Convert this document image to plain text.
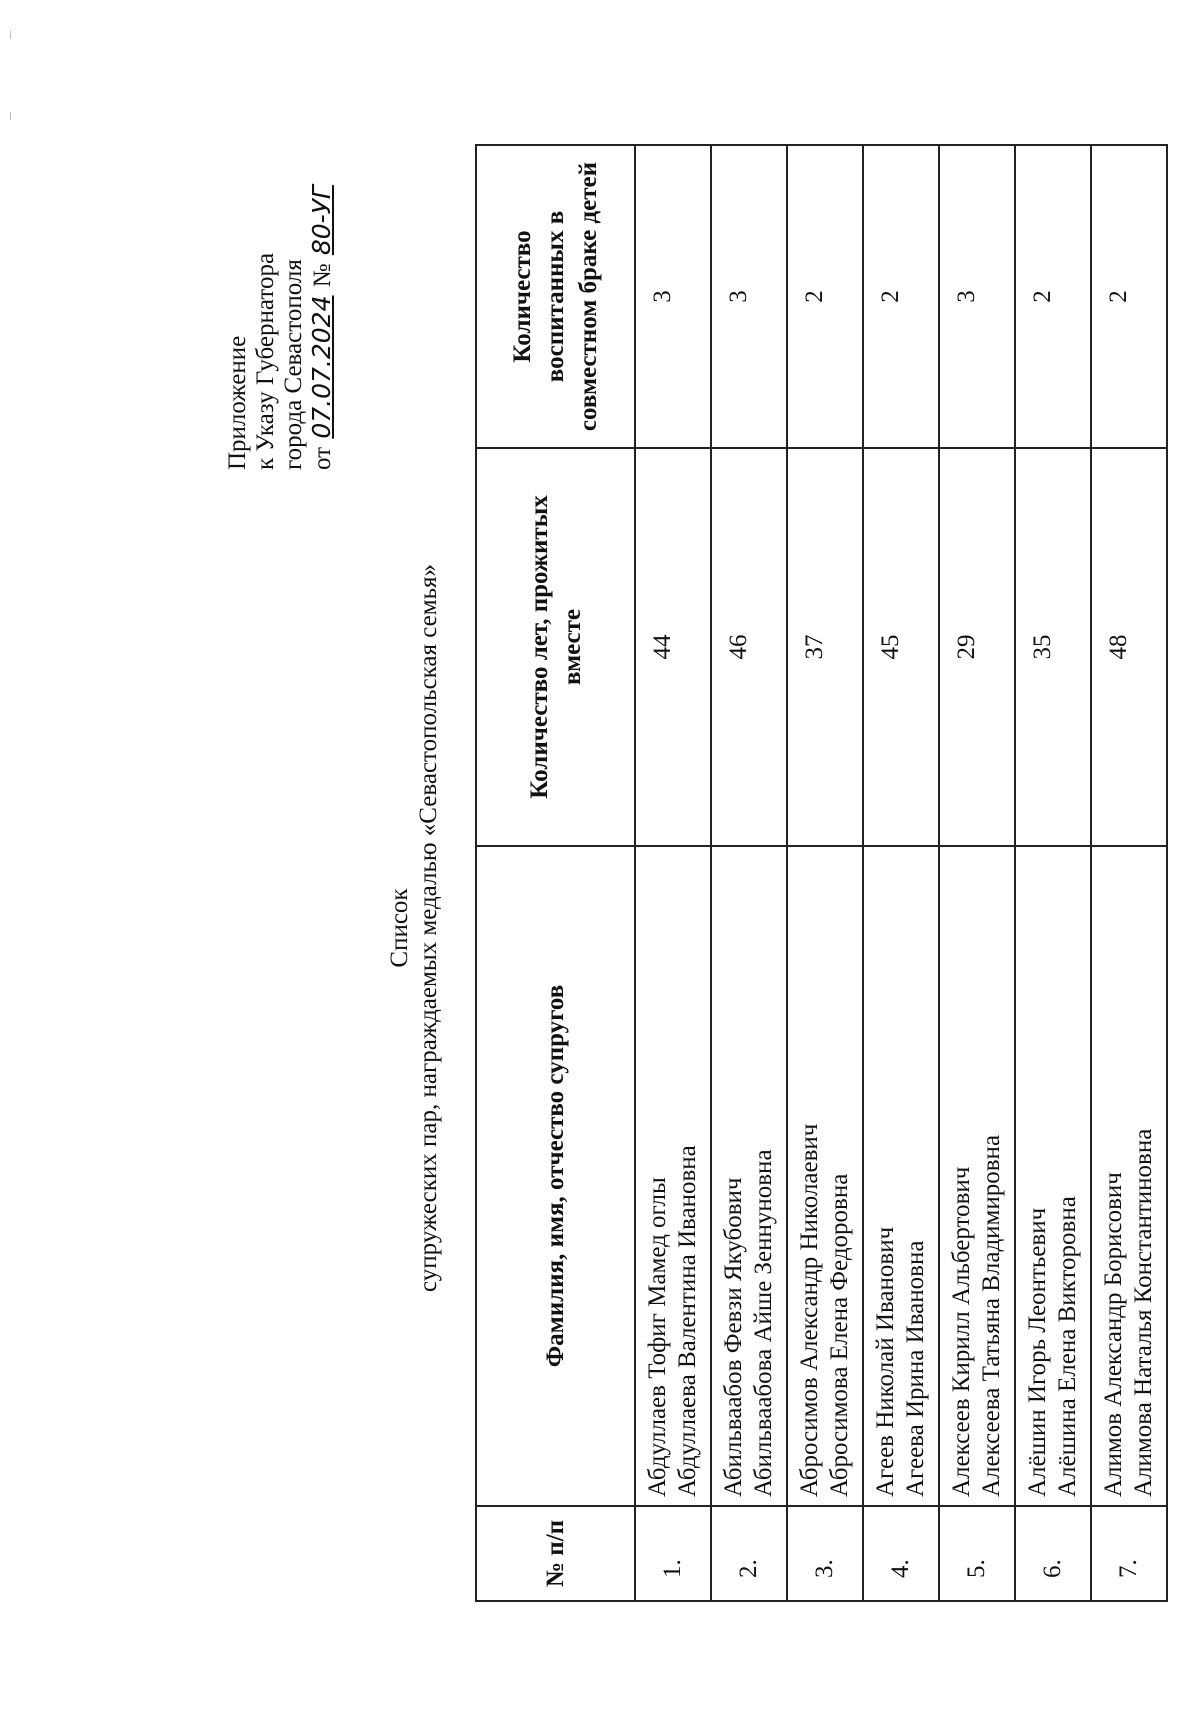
Приложение к Указу Губернатора города Севастополя от 07.07.2024 № 80-УГ
Список супружеских пар, награждаемых медалью «Севастопольская семья»
№ п/п	Фамилия, имя, отчество супругов	Количество лет, прожитых вместе	Количество воспитанных в совместном браке детей
1.	Абдуллаев Тофиг Мамед оглы Абдуллаева Валентина Ивановна	44	3
2.	Абильваабов Февзи Якубович Абильваабова Айше Зеннуновна	46	3
3.	Абросимов Александр Николаевич Абросимова Елена Федоровна	37	2
4.	Агеев Николай Иванович Агеева Ирина Ивановна	45	2
5.	Алексеев Кирилл Альбертович Алексеева Татьяна Владимировна	29	3
6.	Алёшин Игорь Леонтьевич Алёшина Елена Викторовна	35	2
7.	Алимов Александр Борисович Алимова Наталья Константиновна	48	2
